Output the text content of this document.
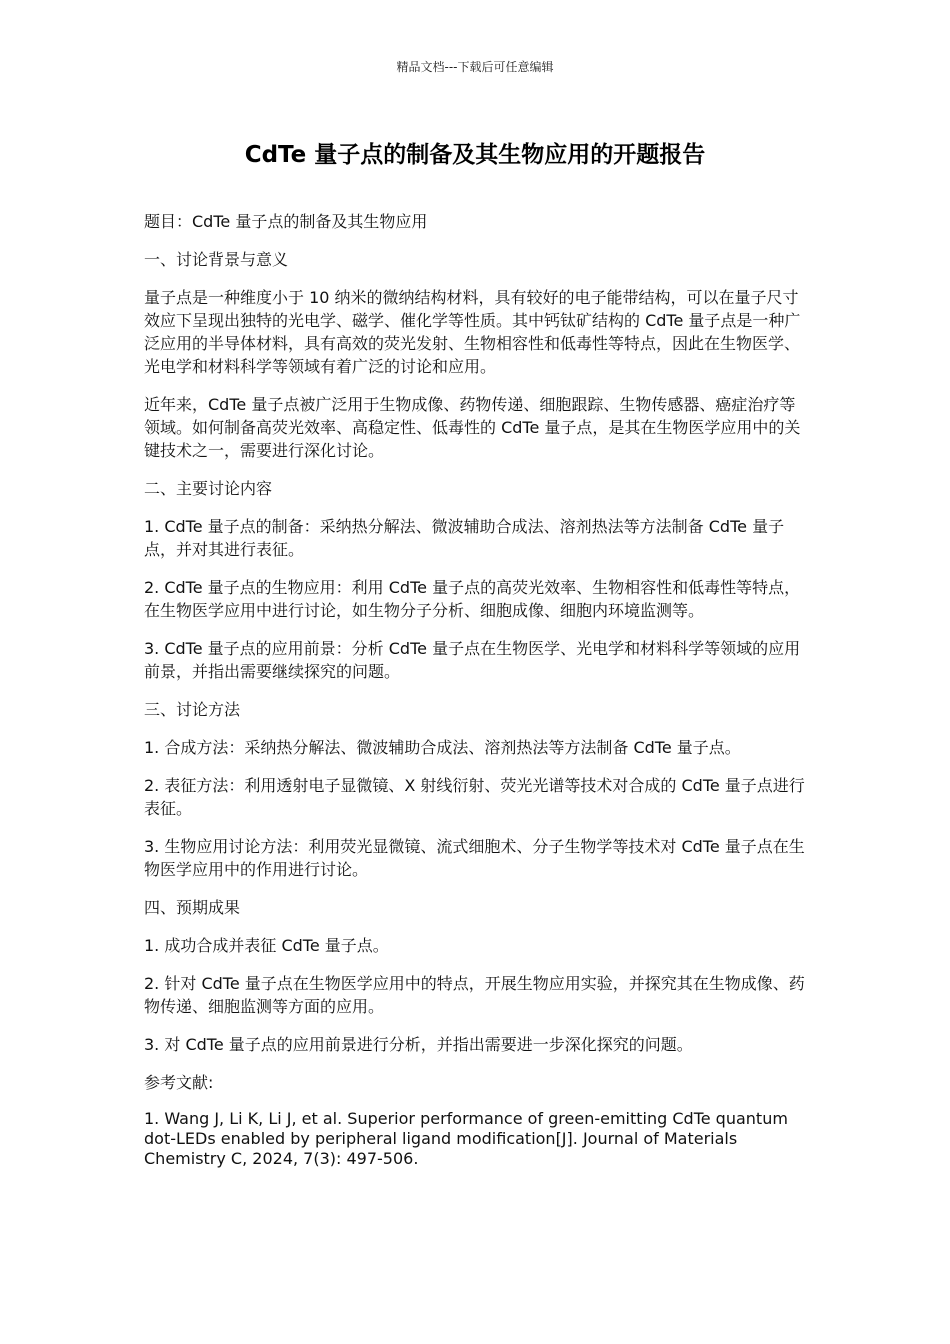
精品文档---下载后可任意编辑
CdTe 量子点的制备及其生物应用的开题报告

题目：CdTe 量子点的制备及其生物应用

一、讨论背景与意义

量子点是一种维度小于 10 纳米的微纳结构材料，具有较好的电子能带结构，可以在量子尺寸效应下呈现出独特的光电学、磁学、催化学等性质。其中钙钛矿结构的 CdTe 量子点是一种广泛应用的半导体材料，具有高效的荧光发射、生物相容性和低毒性等特点，因此在生物医学、光电学和材料科学等领域有着广泛的讨论和应用。

近年来，CdTe 量子点被广泛用于生物成像、药物传递、细胞跟踪、生物传感器、癌症治疗等领域。如何制备高荧光效率、高稳定性、低毒性的 CdTe 量子点，是其在生物医学应用中的关键技术之一，需要进行深化讨论。

二、主要讨论内容

1. CdTe 量子点的制备：采纳热分解法、微波辅助合成法、溶剂热法等方法制备 CdTe 量子点，并对其进行表征。

2. CdTe 量子点的生物应用：利用 CdTe 量子点的高荧光效率、生物相容性和低毒性等特点，在生物医学应用中进行讨论，如生物分子分析、细胞成像、细胞内环境监测等。

3. CdTe 量子点的应用前景：分析 CdTe 量子点在生物医学、光电学和材料科学等领域的应用前景，并指出需要继续探究的问题。

三、讨论方法

1. 合成方法：采纳热分解法、微波辅助合成法、溶剂热法等方法制备 CdTe 量子点。

2. 表征方法：利用透射电子显微镜、X 射线衍射、荧光光谱等技术对合成的 CdTe 量子点进行表征。

3. 生物应用讨论方法：利用荧光显微镜、流式细胞术、分子生物学等技术对 CdTe 量子点在生物医学应用中的作用进行讨论。

四、预期成果

1. 成功合成并表征 CdTe 量子点。

2. 针对 CdTe 量子点在生物医学应用中的特点，开展生物应用实验，并探究其在生物成像、药物传递、细胞监测等方面的应用。

3. 对 CdTe 量子点的应用前景进行分析，并指出需要进一步深化探究的问题。

参考文献:

1. Wang J, Li K, Li J, et al. Superior performance of green-emitting CdTe quantum dot-LEDs enabled by peripheral ligand modification[J]. Journal of Materials Chemistry C, 2024, 7(3): 497-506.
